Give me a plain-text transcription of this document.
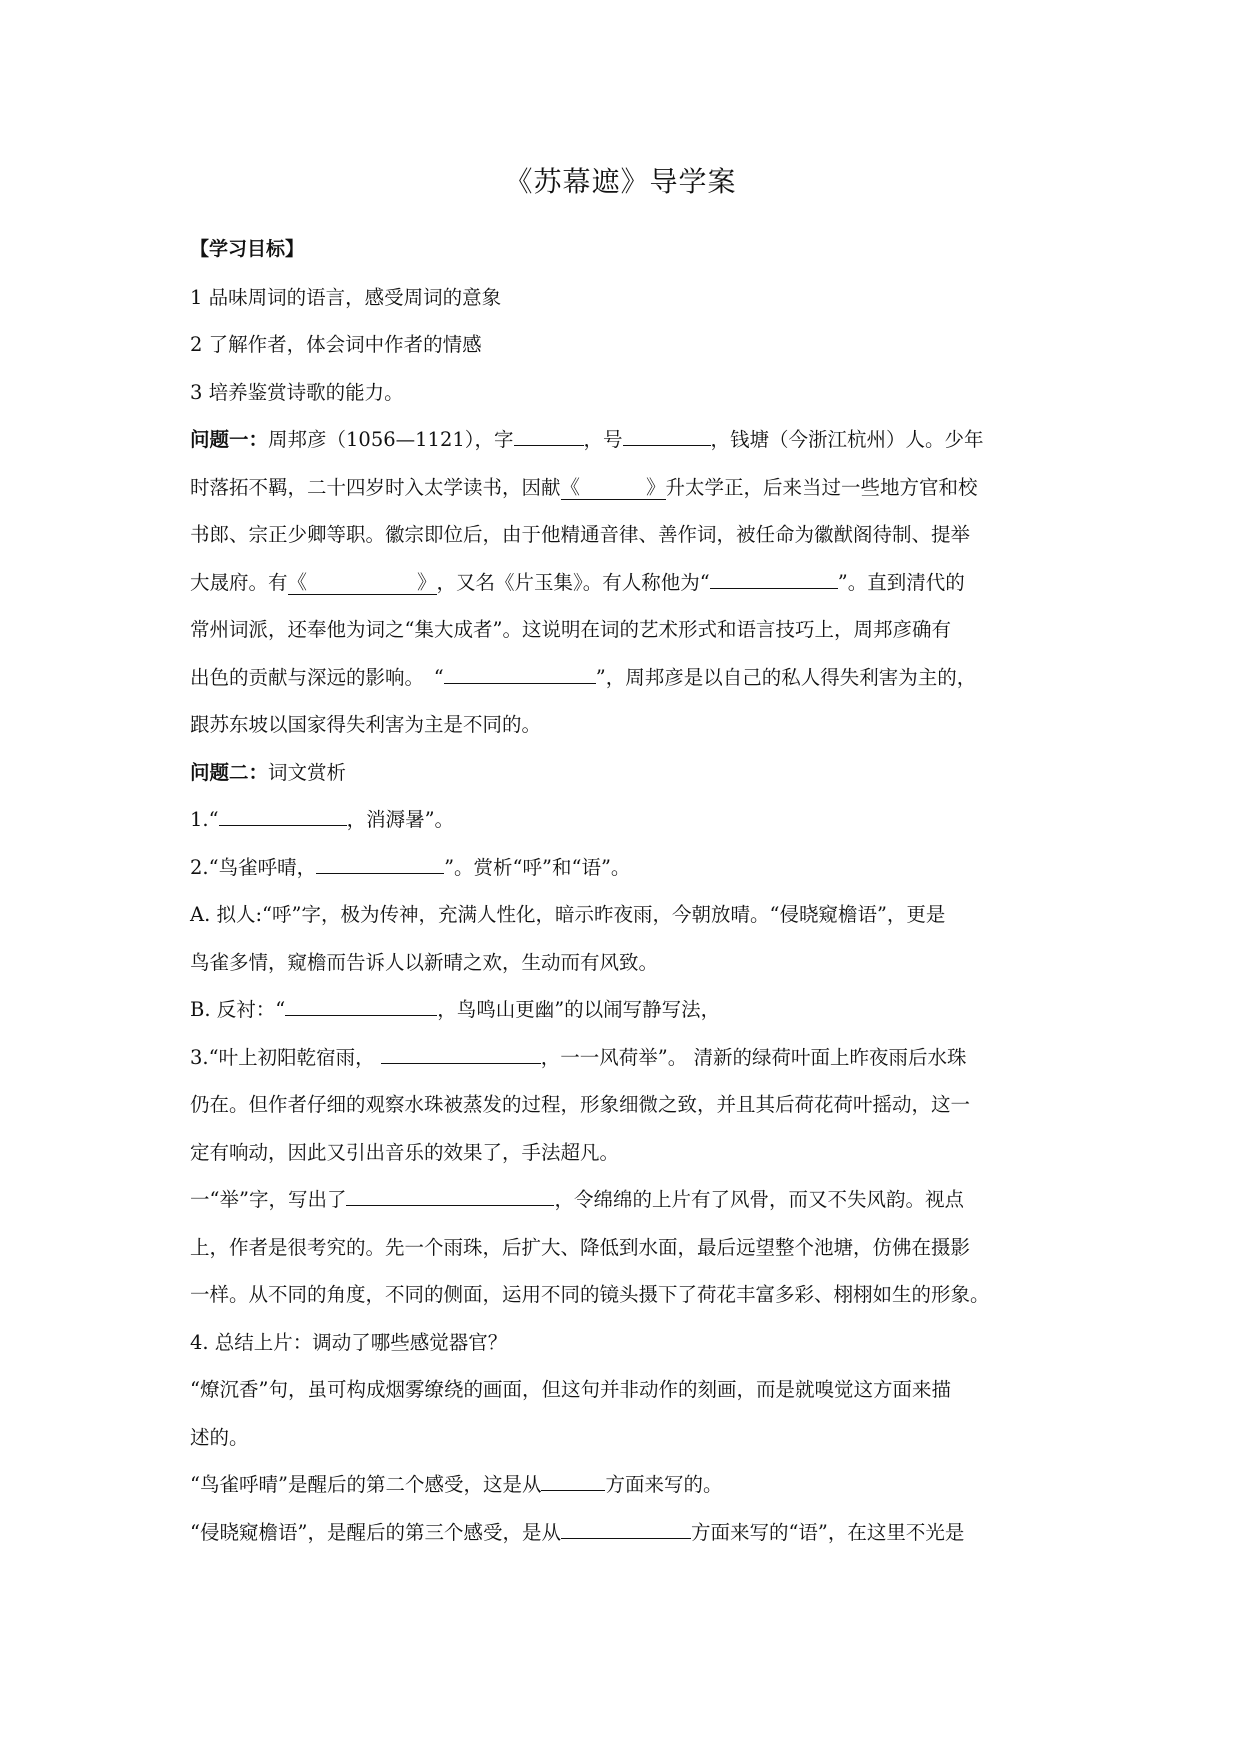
《苏幕遮》导学案

【学习目标】

1 品味周词的语言，感受周词的意象

2 了解作者，体会词中作者的情感

3 培养鉴赏诗歌的能力。

问题一：周邦彦（1056—1121），字	，号	，钱塘（今浙江杭州）人。少年

时落拓不羁，二十四岁时入太学读书，因献《	》升太学正，后来当过一些地方官和校

书郎、宗正少卿等职。徽宗即位后，由于他精通音律、善作词，被任命为徽猷阁待制、提举

大晟府。有《	》，又名《片玉集》。有人称他为“	”。直到清代的

常州词派，还奉他为词之“集大成者”。这说明在词的艺术形式和语言技巧上，周邦彦确有

出色的贡献与深远的影响。　“	”，周邦彦是以自己的私人得失利害为主的，

跟苏东坡以国家得失利害为主是不同的。

问题二：词文赏析

1.“	，消溽暑”。

2.“鸟雀呼晴，	”。赏析“呼”和“语”。

A. 拟人:“呼”字，极为传神，充满人性化，暗示昨夜雨，今朝放晴。“侵晓窥檐语”，更是

鸟雀多情，窥檐而告诉人以新晴之欢，生动而有风致。

B. 反衬：“	，鸟鸣山更幽”的以闹写静写法，

3.“叶上初阳乾宿雨，	，一一风荷举”。 清新的绿荷叶面上昨夜雨后水珠

仍在。但作者仔细的观察水珠被蒸发的过程，形象细微之致，并且其后荷花荷叶摇动，这一

定有响动，因此又引出音乐的效果了，手法超凡。

一“举”字，写出了	，令绵绵的上片有了风骨，而又不失风韵。视点

上，作者是很考究的。先一个雨珠，后扩大、降低到水面，最后远望整个池塘，仿佛在摄影

一样。从不同的角度，不同的侧面，运用不同的镜头摄下了荷花丰富多彩、栩栩如生的形象。

4. 总结上片：调动了哪些感觉器官？

“燎沉香”句，虽可构成烟雾缭绕的画面，但这句并非动作的刻画，而是就嗅觉这方面来描

述的。

“鸟雀呼晴”是醒后的第二个感受，这是从	方面来写的。

“侵晓窥檐语”，是醒后的第三个感受，是从	方面来写的“语”，在这里不光是
